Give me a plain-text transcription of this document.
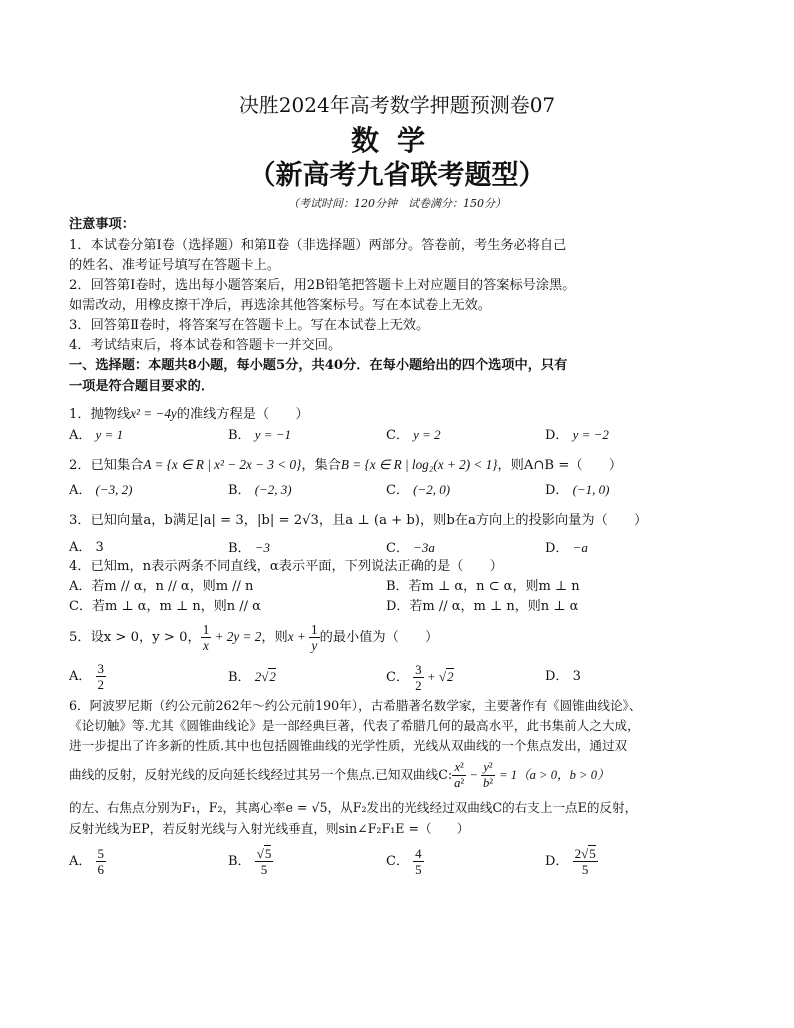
决胜2024年高考数学押题预测卷07
数学
（新高考九省联考题型）
（考试时间：120分钟　试卷满分：150分）
注意事项：
1．本试卷分第Ⅰ卷（选择题）和第Ⅱ卷（非选择题）两部分。答卷前，考生务必将自己
的姓名、准考证号填写在答题卡上。
2．回答第Ⅰ卷时，选出每小题答案后，用2B铅笔把答题卡上对应题目的答案标号涂黑。
如需改动，用橡皮擦干净后，再选涂其他答案标号。写在本试卷上无效。
3．回答第Ⅱ卷时，将答案写在答题卡上。写在本试卷上无效。
4．考试结束后，将本试卷和答题卡一并交回。
一、选择题：本题共8小题，每小题5分，共40分．在每小题给出的四个选项中，只有
一项是符合题目要求的．
1．抛物线x² = −4y的准线方程是（　　）
A． y = 1	B． y = −1	C． y = 2	D． y = −2
2．已知集合A = {x ∈ R | x² − 2x − 3 < 0}，集合B = {x ∈ R | log₂(x + 2) < 1}，则A∩B =（　　）
A． (−3, 2)	B． (−2, 3)	C． (−2, 0)	D． (−1, 0)
3．已知向量a，b满足|a| = 3，|b| = 2√3，且a ⊥ (a + b)，则b在a方向上的投影向量为（　　）
A． 3	B． −3	C． −3a	D． −a
4．已知m，n表示两条不同直线，α表示平面，下列说法正确的是（　　）
A．若m // α，n // α，则m // n	B．若m ⊥ α，n ⊂ α，则m ⊥ n
C．若m ⊥ α，m ⊥ n，则n // α	D．若m // α，m ⊥ n，则n ⊥ α
5．设x > 0，y > 0， $\frac{1}{x} + 2y = 2$，则$x + \frac{1}{y}$ 的最小值为（　　）
A． $\frac{3}{2}$	B． 2√2	C． $\frac{3}{2} + √2$	D． 3
6．阿波罗尼斯（约公元前262年～约公元前190年），古希腊著名数学家，主要著作有《圆锥曲线论》、
《论切触》等.尤其《圆锥曲线论》是一部经典巨著，代表了希腊几何的最高水平，此书集前人之大成，
进一步提出了许多新的性质.其中也包括圆锥曲线的光学性质，光线从双曲线的一个焦点发出，通过双
曲线的反射，反射光线的反向延长线经过其另一个焦点.已知双曲线C: $\frac{\text{x²}}{\text{a²}} - \frac{\text{y²}}{\text{b²}} = 1(a > 0$，b > 0）
的左、右焦点分别为F₁，F₂，其离心率e = √5，从F₂发出的光线经过双曲线C的右支上一点E的反射，
反射光线为EP，若反射光线与入射光线垂直，则sin∠F₂F₁E =（　　）
A． $\frac{5}{6}$	B． $\frac{√5}{5}$	C． $\frac{4}{5}$	D． $\frac{2√5}{5}$
